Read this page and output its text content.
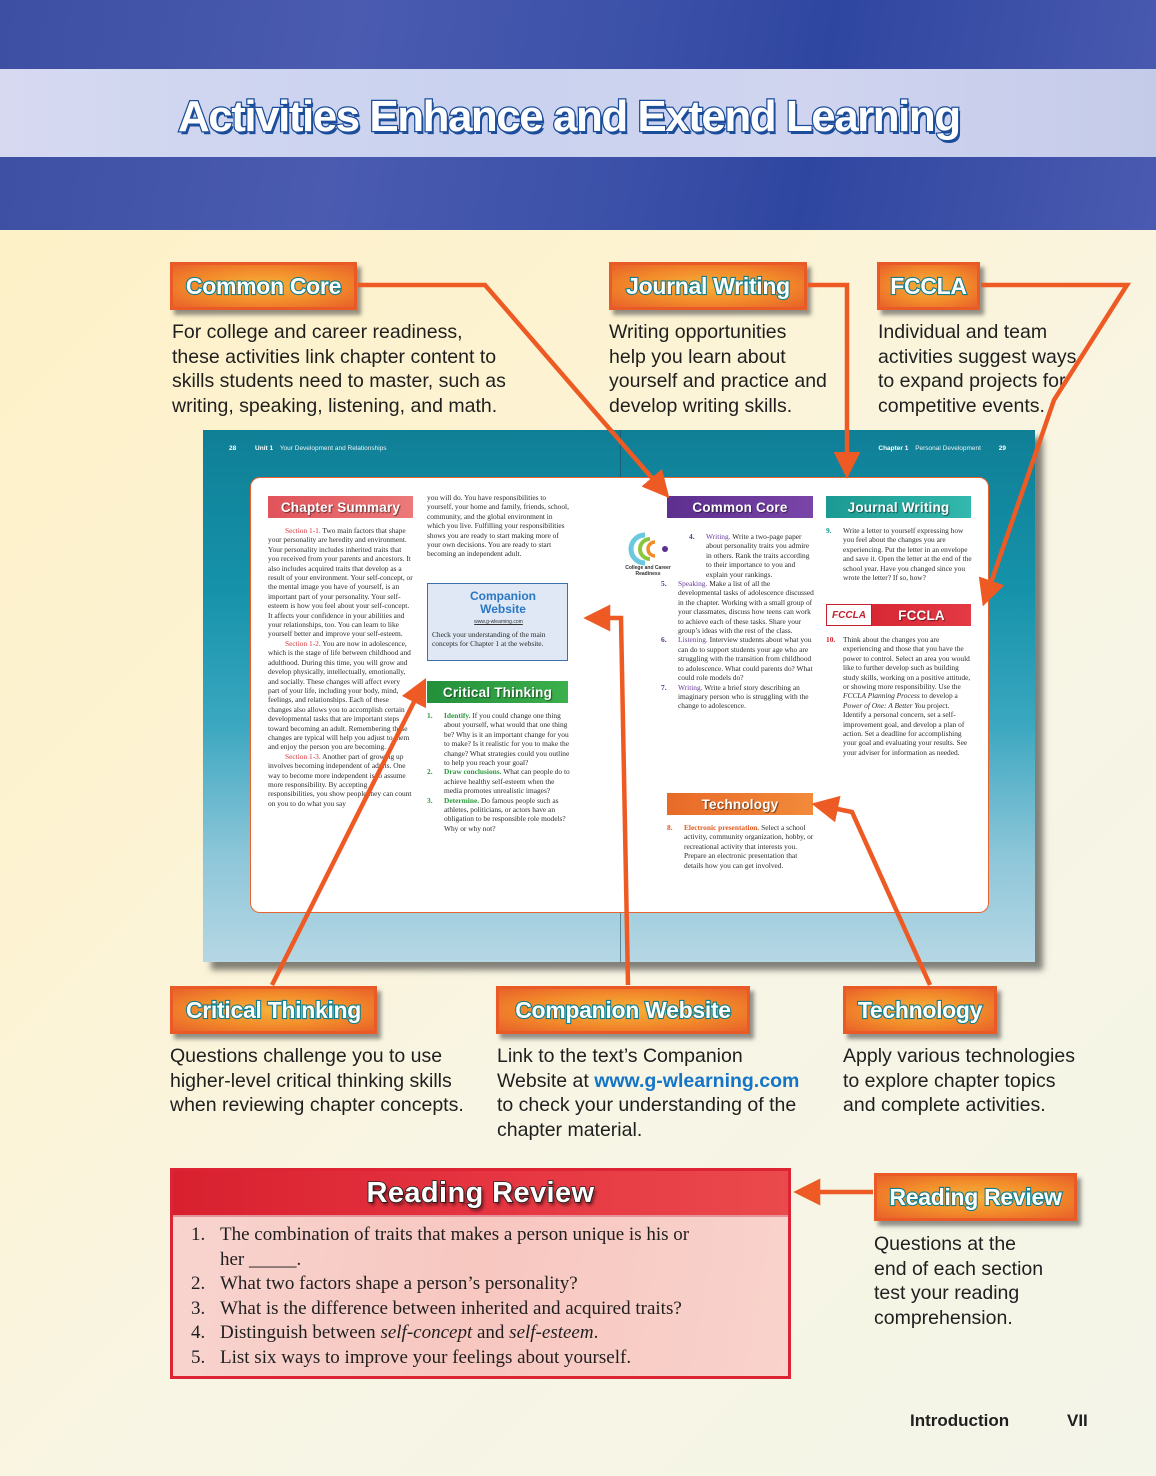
Activities Enhance and Extend Learning
Common Core
For college and career readiness,
these activities link chapter content to
skills students need to master, such as
writing, speaking, listening, and math.
Journal Writing
Writing opportunities
help you learn about
yourself and practice and
develop writing skills.
FCCLA
Individual and team
activities suggest ways
to expand projects for
competitive events.
28	Unit 1 Your Development and Relationships	Chapter 1 Personal Development	29
Chapter Summary

Section 1-1. Two main factors that shape your personality are heredity and environment. Your personality includes inherited traits that you received from your parents and ancestors. It also includes acquired traits that develop as a result of your environment. Your self-concept, or the mental image you have of yourself, is an important part of your personality. Your self-esteem is how you feel about your self-concept. It affects your confidence in your abilities and your relationships, too. You can learn to like yourself better and improve your self-esteem.

Section 1-2. You are now in adolescence, which is the stage of life between childhood and adulthood. During this time, you will grow and develop physically, intellectually, emotionally, and socially. These changes will affect every part of your life, including your body, mind, feelings, and relationships. Each of these changes also allows you to accomplish certain developmental tasks that are important steps toward becoming an adult. Remembering these changes are typical will help you adjust to them and enjoy the person you are becoming.

Section 1-3. Another part of growing up involves becoming independent of adults. One way to become more independent is to assume more responsibility. By accepting responsibilities, you show people they can count on you to do what you say

you will do. You have responsibilities to yourself, your home and family, friends, school, community, and the global environment in which you live. Fulfilling your responsibilities shows you are ready to start making more of your own decisions. You are ready to start becoming an independent adult.
Companion
Website
www.g-wlearning.com
Check your understanding of the main concepts for Chapter 1 at the website.
Critical Thinking
1.	Identify. If you could change one thing about yourself, what would that one thing be? Why is it an important change for you to make? Is it realistic for you to make the change? What strategies could you outline to help you reach your goal?
2.	Draw conclusions. What can people do to achieve healthy self-esteem when the media promotes unrealistic images?
3.	Determine. Do famous people such as athletes, politicians, or actors have an obligation to be responsible role models? Why or why not?
Common Core
College and Career Readiness
4.	Writing. Write a two-page paper about personality traits you admire in others. Rank the traits according to their importance to you and explain your rankings.
5.	Speaking. Make a list of all the developmental tasks of adolescence discussed in the chapter. Working with a small group of your classmates, discuss how teens can work to achieve each of these tasks. Share your group’s ideas with the rest of the class.
6.	Listening. Interview students about what you can do to support students your age who are struggling with the transition from childhood to adolescence. What could parents do? What could role models do?
7.	Writing. Write a brief story describing an imaginary person who is struggling with the change to adolescence.
Technology
8.	Electronic presentation. Select a school activity, community organization, hobby, or recreational activity that interests you. Prepare an electronic presentation that details how you can get involved.
Journal Writing
9.	Write a letter to yourself expressing how you feel about the changes you are experiencing. Put the letter in an envelope and save it. Open the letter at the end of the school year. Have you changed since you wrote the letter? If so, how?
FCCLA	FCCLA
10.	Think about the changes you are experiencing and those that you have the power to control. Select an area you would like to further develop such as building study skills, working on a positive attitude, or showing more responsibility. Use the FCCLA Planning Process to develop a Power of One: A Better You project. Identify a personal concern, set a self-improvement goal, and develop a plan of action. Set a deadline for accomplishing your goal and evaluating your results. See your adviser for information as needed.
Critical Thinking
Questions challenge you to use
higher-level critical thinking skills
when reviewing chapter concepts.
Companion Website
Link to the text’s Companion
Website at www.g-wlearning.com
to check your understanding of the
chapter material.
Technology
Apply various technologies
to explore chapter topics
and complete activities.
Reading Review
1. The combination of traits that makes a person unique is his or
her _____.
2. What two factors shape a person’s personality?
3. What is the difference between inherited and acquired traits?
4. Distinguish between self-concept and self-esteem.
5. List six ways to improve your feelings about yourself.
Reading Review
Questions at the
end of each section
test your reading
comprehension.
Introduction	VII
